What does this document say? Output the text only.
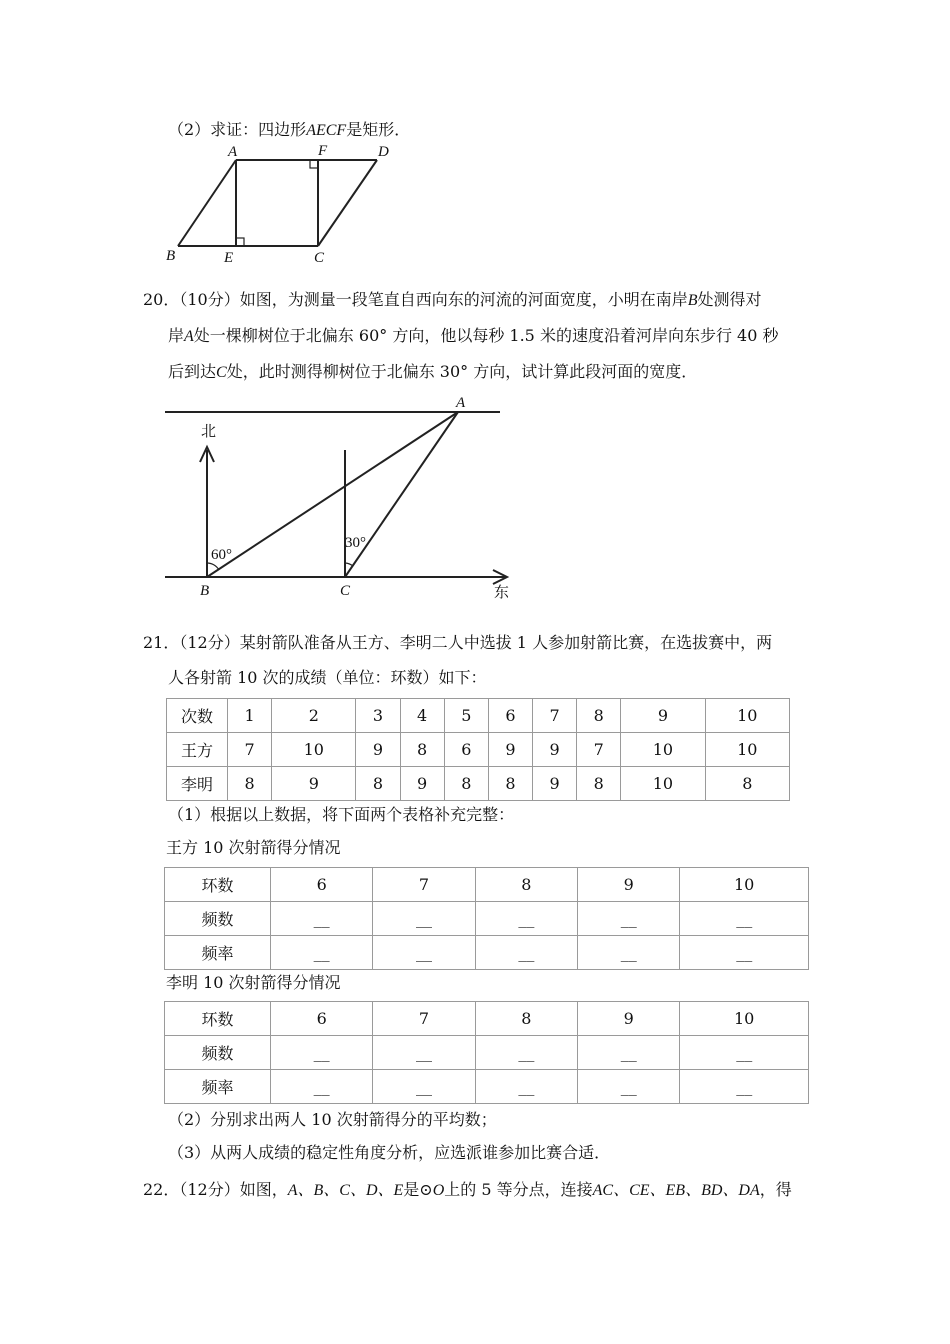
（2）求证：四边形AECF是矩形．
A	F	D
B	E	C
20．（10分）如图，为测量一段笔直自西向东的河流的河面宽度，小明在南岸B处测得对
岸A处一棵柳树位于北偏东 60° 方向，他以每秒 1.5 米的速度沿着河岸向东步行 40 秒
后到达C处，此时测得柳树位于北偏东 30° 方向，试计算此段河面的宽度．
北
东
60°
30°
A
B	C
21．（12分）某射箭队准备从王方、李明二人中选拔 1 人参加射箭比赛，在选拔赛中，两
人各射箭 10 次的成绩（单位：环数）如下：
次数	1	2	3	4	5	6	7	8	9	10
王方	7	10	9	8	6	9	9	7	10	10
李明	8	9	8	9	8	8	9	8	10	8
（1）根据以上数据，将下面两个表格补充完整：
王方 10 次射箭得分情况
环数	6	7	8	9	10
频数	__	__	__	__	__
频率	__	__	__	__	__
李明 10 次射箭得分情况
环数	6	7	8	9	10
频数	__	__	__	__	__
频率	__	__	__	__	__
（2）分别求出两人 10 次射箭得分的平均数；
（3）从两人成绩的稳定性角度分析，应选派谁参加比赛合适．
22．（12分）如图，A、B、C、D、E是⊙O上的 5 等分点，连接AC、CE、EB、BD、DA，得
